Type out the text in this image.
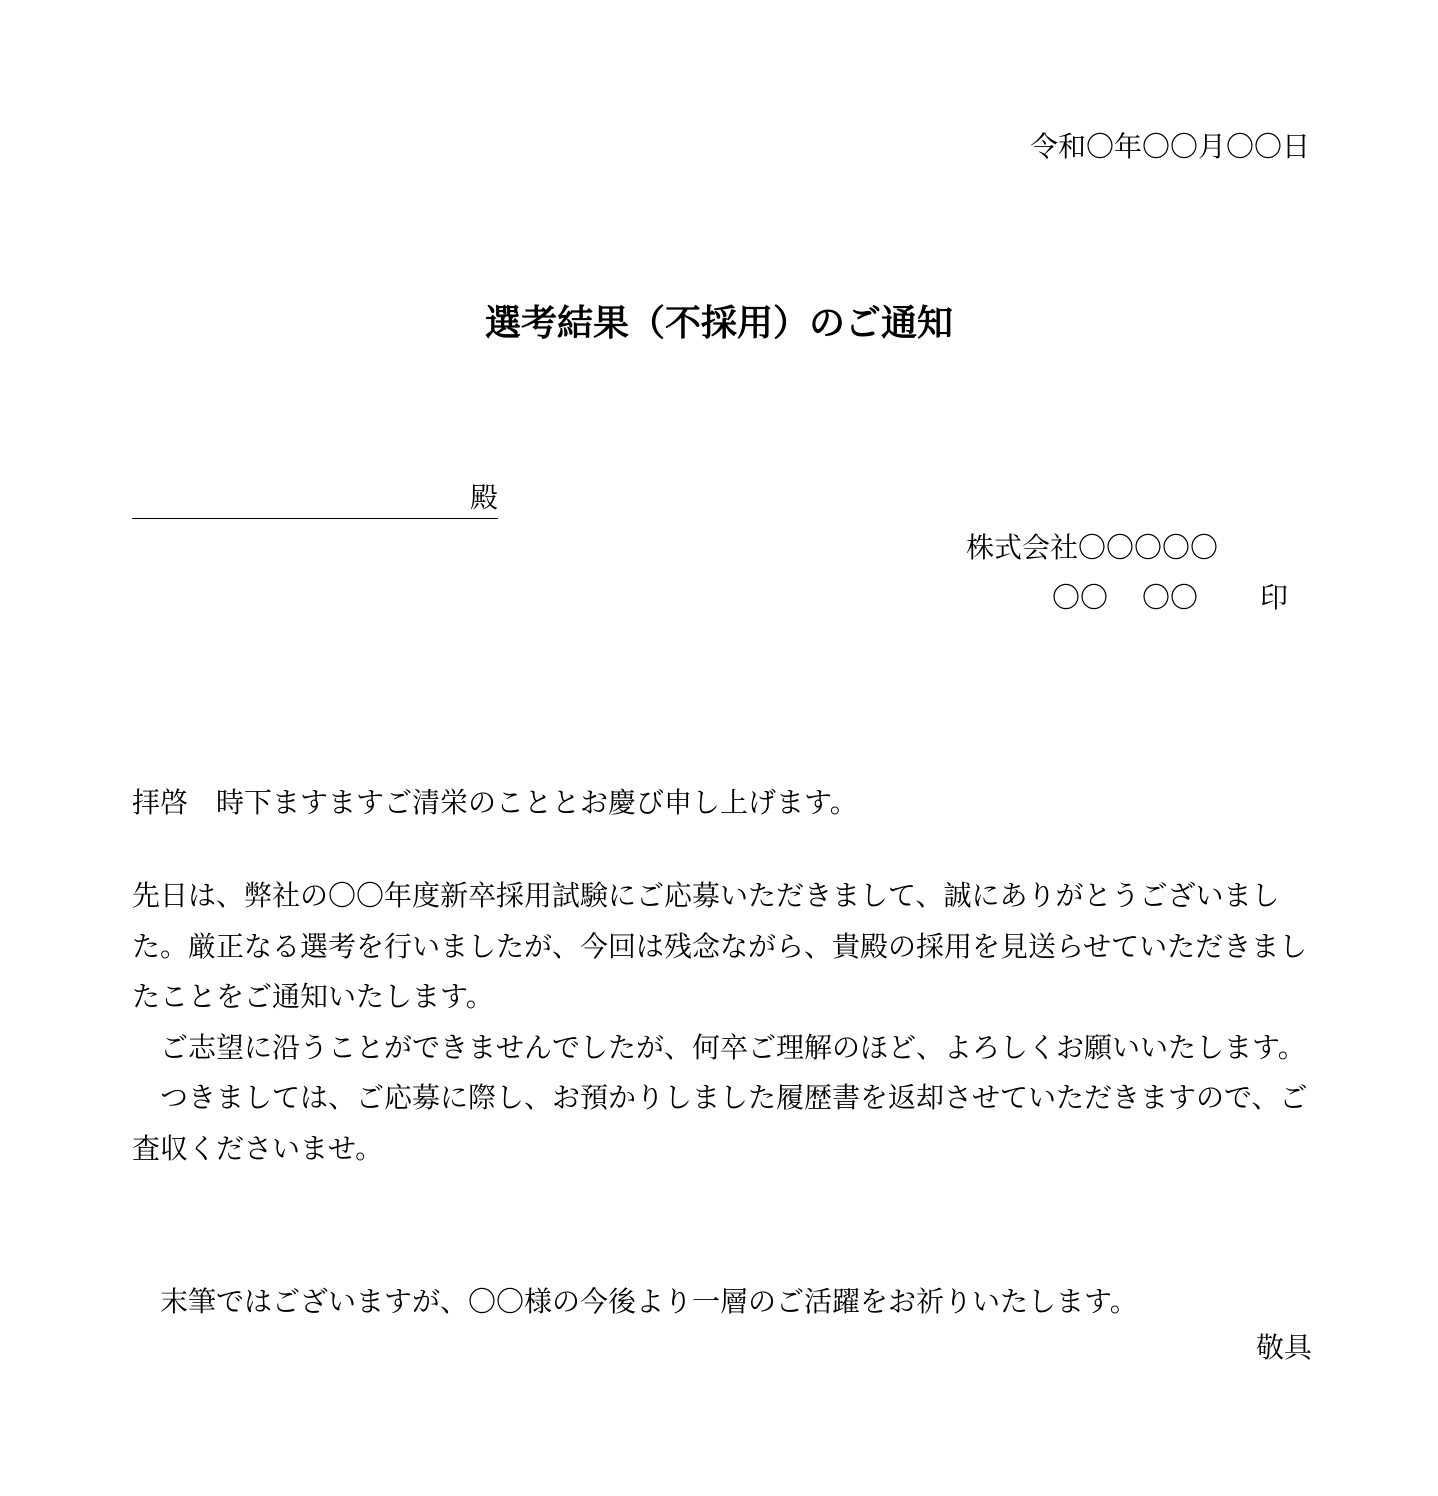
令和〇年〇〇月〇〇日
選考結果（不採用）のご通知
殿
株式会社〇〇〇〇〇
〇〇 〇〇 印
拝啓　時下ますますご清栄のこととお慶び申し上げます。

先日は、弊社の〇〇年度新卒採用試験にご応募いただきまして、誠にありがとうございました。厳正なる選考を行いましたが、今回は残念ながら、貴殿の採用を見送らせていただきましたことをご通知いたします。

　ご志望に沿うことができませんでしたが、何卒ご理解のほど、よろしくお願いいたします。

　つきましては、ご応募に際し、お預かりしました履歴書を返却させていただきますので、ご査収くださいませ。

　末筆ではございますが、〇〇様の今後より一層のご活躍をお祈りいたします。
敬具
